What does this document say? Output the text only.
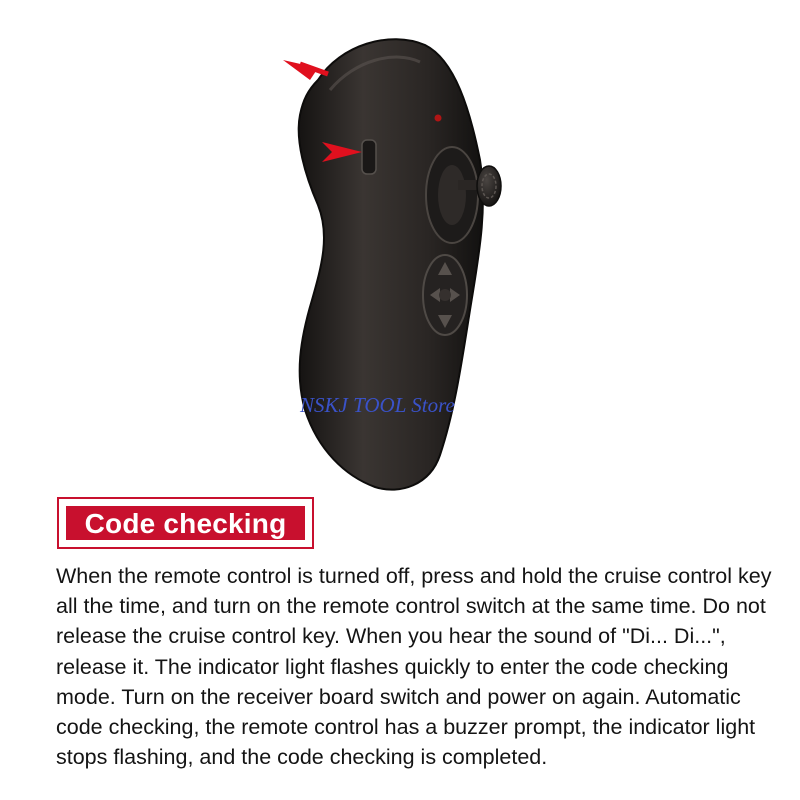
NSKJ TOOL Store
Code checking

When the remote control is turned off, press and hold the cruise control key all the time, and turn on the remote control switch at the same time. Do not release the cruise control key. When you hear the sound of "Di... Di...", release it. The indicator light flashes quickly to enter the code checking mode. Turn on the receiver board switch and power on again. Automatic code checking, the remote control has a buzzer prompt, the indicator light stops flashing, and the code checking is completed.
